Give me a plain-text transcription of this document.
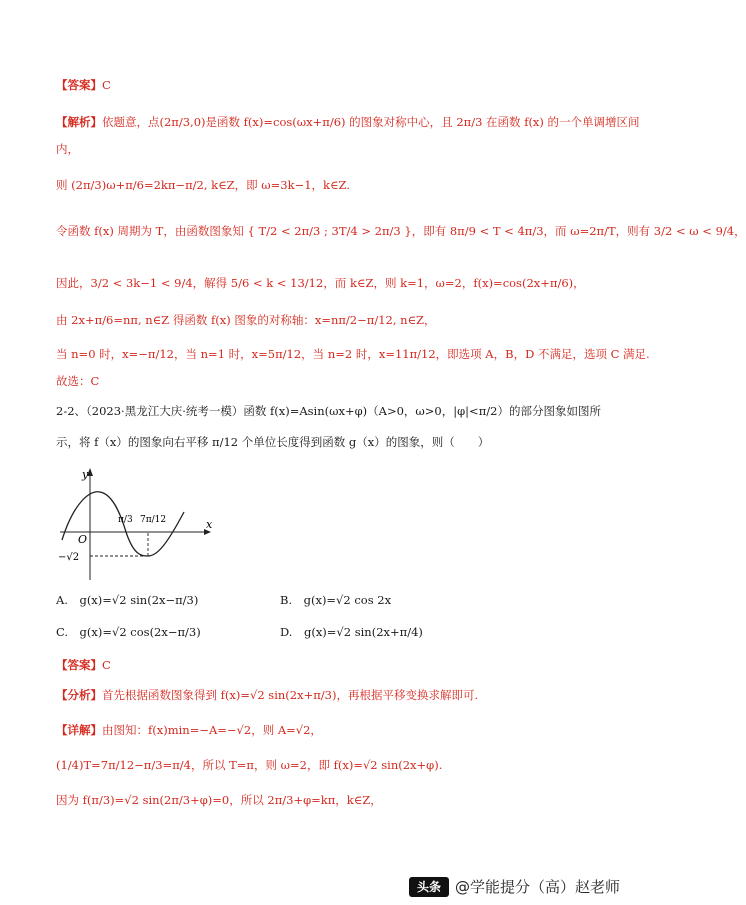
【答案】C
【解析】依题意，点(2π/3,0)是函数 f(x)=cos(ωx+π/6) 的图象对称中心，且 2π/3 在函数 f(x) 的一个单调增区间
内，
则 (2π/3)ω+π/6=2kπ−π/2, k∈Z，即 ω=3k−1，k∈Z.
令函数 f(x) 周期为 T，由函数图象知 { T/2 < 2π/3 ; 3T/4 > 2π/3 }，即有 8π/9 < T < 4π/3，而 ω=2π/T，则有 3/2 < ω < 9/4，
因此，3/2 < 3k−1 < 9/4，解得 5/6 < k < 13/12，而 k∈Z，则 k=1，ω=2，f(x)=cos(2x+π/6)，
由 2x+π/6=nπ, n∈Z 得函数 f(x) 图象的对称轴：x=nπ/2−π/12, n∈Z，
当 n=0 时，x=−π/12，当 n=1 时，x=5π/12，当 n=2 时，x=11π/12，即选项 A，B，D 不满足，选项 C 满足.
故选：C
2-2、（2023·黑龙江大庆·统考一模）函数 f(x)=Asin(ωx+φ)（A>0，ω>0，|φ|<π/2）的部分图象如图所
示，将 f（x）的图象向右平移 π/12 个单位长度得到函数 g（x）的图象，则（　　）
y
x
O
π/3 7π/12
−√2
A.　g(x)=√2 sin(2x−π/3)	B.　g(x)=√2 cos 2x
C.　g(x)=√2 cos(2x−π/3)	D.　g(x)=√2 sin(2x+π/4)
【答案】C
【分析】首先根据函数图象得到 f(x)=√2 sin(2x+π/3)，再根据平移变换求解即可.
【详解】由图知：f(x)min=−A=−√2，则 A=√2，
(1/4)T=7π/12−π/3=π/4，所以 T=π，则 ω=2，即 f(x)=√2 sin(2x+φ).
因为 f(π/3)=√2 sin(2π/3+φ)=0，所以 2π/3+φ=kπ，k∈Z，
头条 @学能提分（高）赵老师
